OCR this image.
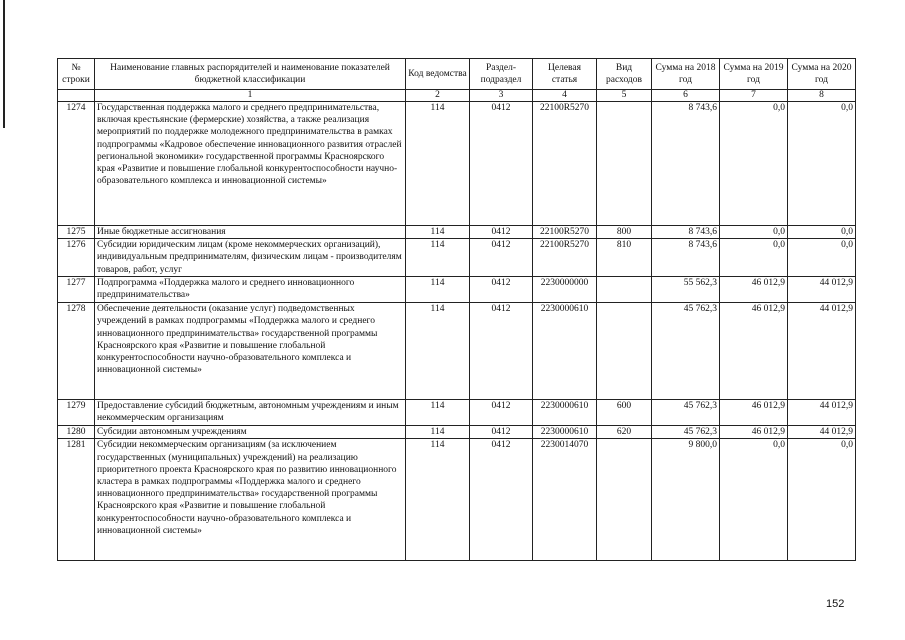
№ строки	Наименование главных распорядителей и наименование показателей бюджетной классификации	Код ведомства	Раздел-подраздел	Целевая статья	Вид расходов	Сумма на 2018 год	Сумма на 2019 год	Сумма на 2020 год
	1	2	3	4	5	6	7	8
1274	Государственная поддержка малого и среднего предпринимательства, включая крестьянские (фермерские) хозяйства, а также реализация мероприятий по поддержке молодежного предпринимательства в рамках подпрограммы «Кадровое обеспечение инновационного развития отраслей региональной экономики» государственной программы Красноярского края «Развитие и повышение глобальной конкурентоспособности научно-образовательного комплекса и инновационной системы»	114	0412	22100R5270		8 743,6	0,0	0,0
1275	Иные бюджетные ассигнования	114	0412	22100R5270	800	8 743,6	0,0	0,0
1276	Субсидии юридическим лицам (кроме некоммерческих организаций), индивидуальным предпринимателям, физическим лицам - производителям товаров, работ, услуг	114	0412	22100R5270	810	8 743,6	0,0	0,0
1277	Подпрограмма «Поддержка малого и среднего инновационного предпринимательства»	114	0412	2230000000		55 562,3	46 012,9	44 012,9
1278	Обеспечение деятельности (оказание услуг) подведомственных учреждений в рамках подпрограммы «Поддержка малого и среднего инновационного предпринимательства» государственной программы Красноярского края «Развитие и повышение глобальной конкурентоспособности научно-образовательного комплекса и инновационной системы»	114	0412	2230000610		45 762,3	46 012,9	44 012,9
1279	Предоставление субсидий бюджетным, автономным учреждениям и иным некоммерческим организациям	114	0412	2230000610	600	45 762,3	46 012,9	44 012,9
1280	Субсидии автономным учреждениям	114	0412	2230000610	620	45 762,3	46 012,9	44 012,9
1281	Субсидии некоммерческим организациям (за исключением государственных (муниципальных) учреждений) на реализацию приоритетного проекта Красноярского края по развитию инновационного кластера в рамках подпрограммы «Поддержка малого и среднего инновационного предпринимательства» государственной программы Красноярского края «Развитие и повышение глобальной конкурентоспособности научно-образовательного комплекса и инновационной системы»	114	0412	2230014070		9 800,0	0,0	0,0
152
